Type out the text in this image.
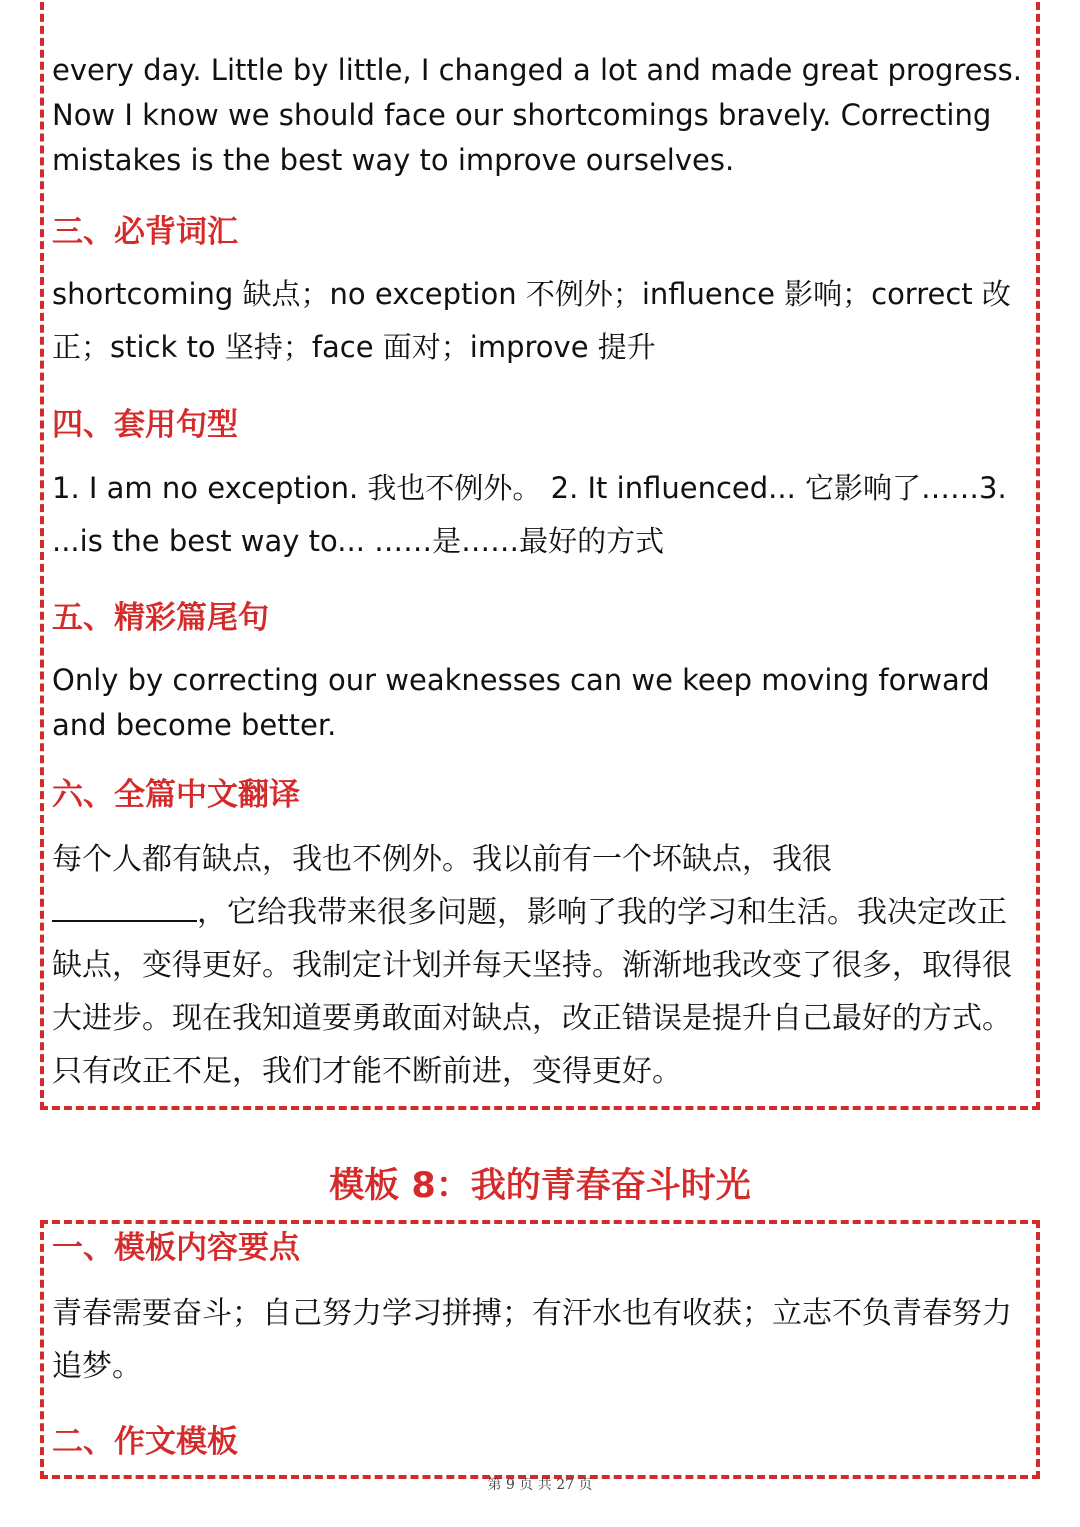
every day. Little by little, I changed a lot and made great progress. Now I know we should face our shortcomings bravely. Correcting mistakes is the best way to improve ourselves.

三、必背词汇

shortcoming 缺点；no exception 不例外；influence 影响；correct 改正；stick to 坚持；face 面对；improve 提升

四、套用句型

1. I am no exception. 我也不例外。 2. It influenced... 它影响了……3. ...is the best way to... ……是……最好的方式

五、精彩篇尾句

Only by correcting our weaknesses can we keep moving forward and become better.

六、全篇中文翻译

每个人都有缺点，我也不例外。我以前有一个坏缺点，我很
，它给我带来很多问题，影响了我的学习和生活。我决定改正缺点，变得更好。我制定计划并每天坚持。渐渐地我改变了很多，取得很大进步。现在我知道要勇敢面对缺点，改正错误是提升自己最好的方式。只有改正不足，我们才能不断前进，变得更好。

模板 8：我的青春奋斗时光
一、模板内容要点

青春需要奋斗；自己努力学习拼搏；有汗水也有收获；立志不负青春努力追梦。

二、作文模板
第 9 页 共 27 页
